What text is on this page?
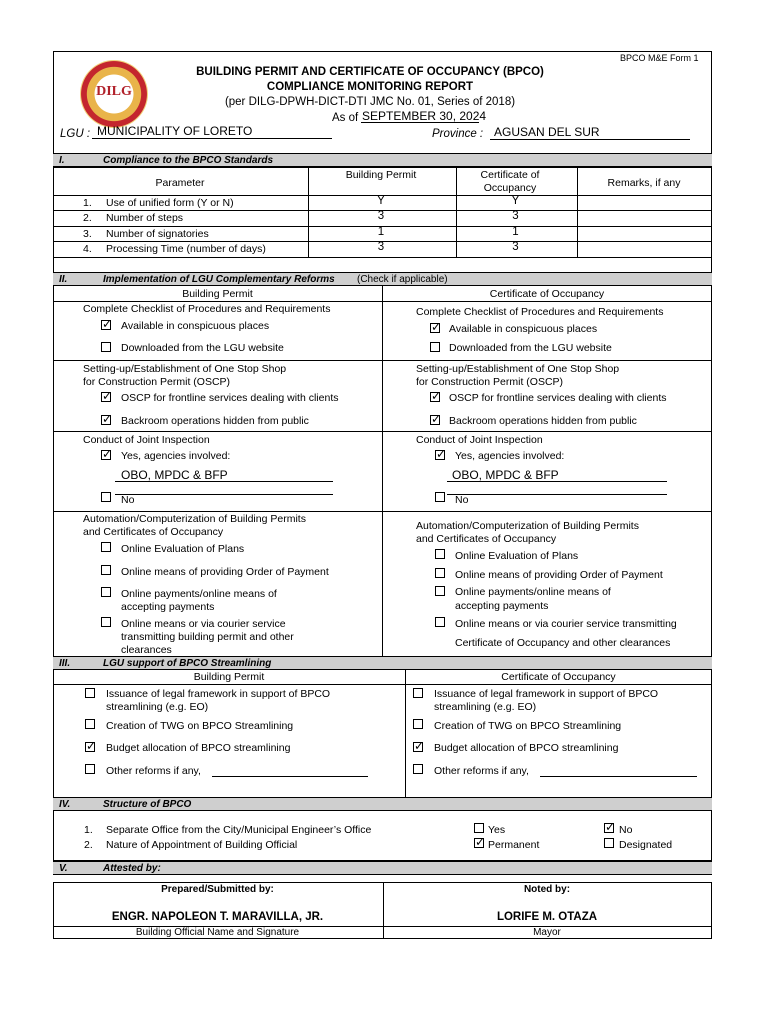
BPCO M&E Form 1
DILG
BUILDING PERMIT AND CERTIFICATE OF OCCUPANCY (BPCO)
COMPLIANCE MONITORING REPORT
(per DILG-DPWH-DICT-DTI JMC No. 01, Series of 2018)
As of SEPTEMBER 30, 2024
LGU : MUNICIPALITY OF LORETO	Province : AGUSAN DEL SUR
I.	Compliance to the BPCO Standards
Parameter
Building Permit	Certificate of Occupancy	Remarks, if any
1. Use of unified form (Y or N)	Y	Y
2. Number of steps	3	3
3. Number of signatories	1	1
4. Processing Time (number of days)	3	3
II.	Implementation of LGU Complementary Reforms (Check if applicable)
Building Permit	Certificate of Occupancy
Complete Checklist of Procedures and Requirements
✓
Available in conspicuous places
Downloaded from the LGU website
Setting-up/Establishment of One Stop Shop
for Construction Permit (OSCP)
✓
OSCP for frontline services dealing with clients
✓
Backroom operations hidden from public
Conduct of Joint Inspection
✓
Yes, agencies involved:
OBO, MPDC & BFP
No
Automation/Computerization of Building Permits
and Certificates of Occupancy
Online Evaluation of Plans
Online means of providing Order of Payment
Online payments/online means of
accepting payments
Online means or via courier service
transmitting building permit and other
clearances
Complete Checklist of Procedures and Requirements
✓
Available in conspicuous places
Downloaded from the LGU website
Setting-up/Establishment of One Stop Shop
for Construction Permit (OSCP)
✓
OSCP for frontline services dealing with clients
✓
Backroom operations hidden from public
Conduct of Joint Inspection
✓
Yes, agencies involved:
OBO, MPDC & BFP
No
Automation/Computerization of Building Permits
and Certificates of Occupancy
Online Evaluation of Plans
Online means of providing Order of Payment
Online payments/online means of
accepting payments
Online means or via courier service transmitting
Certificate of Occupancy and other clearances
III.	LGU support of BPCO Streamlining
Building Permit	Certificate of Occupancy
Issuance of legal framework in support of BPCO
streamlining (e.g. EO)
Creation of TWG on BPCO Streamlining
✓
Budget allocation of BPCO streamlining
Other reforms if any,
Issuance of legal framework in support of BPCO
streamlining (e.g. EO)
Creation of TWG on BPCO Streamlining
✓
Budget allocation of BPCO streamlining
Other reforms if any,
IV.	Structure of BPCO
1. Separate Office from the City/Municipal Engineer’s Office
2. Nature of Appointment of Building Official
Yes
✓	No
✓
Permanent	Designated
V.	Attested by:
Prepared/Submitted by:
ENGR. NAPOLEON T. MARAVILLA, JR.
Building Official Name and Signature
Noted by:
LORIFE M. OTAZA
Mayor
